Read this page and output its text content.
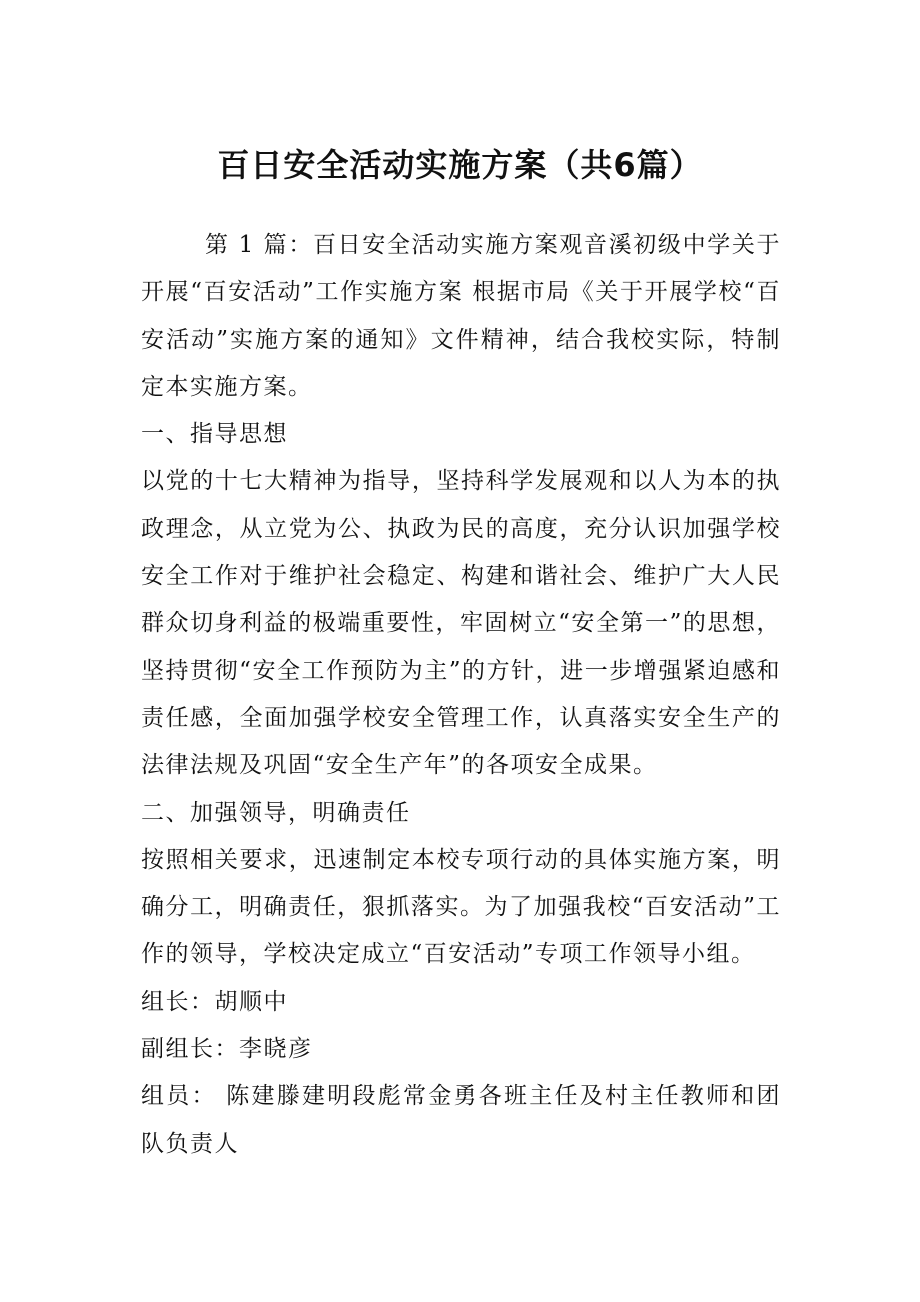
百日安全活动实施方案（共6篇）

第 1 篇：百日安全活动实施方案观音溪初级中学关于开展“百安活动”工作实施方案 根据市局《关于开展学校“百安活动”实施方案的通知》文件精神，结合我校实际，特制定本实施方案。

一、指导思想

以党的十七大精神为指导，坚持科学发展观和以人为本的执政理念，从立党为公、执政为民的高度，充分认识加强学校安全工作对于维护社会稳定、构建和谐社会、维护广大人民群众切身利益的极端重要性，牢固树立“安全第一”的思想，坚持贯彻“安全工作预防为主”的方针，进一步增强紧迫感和责任感，全面加强学校安全管理工作，认真落实安全生产的法律法规及巩固“安全生产年”的各项安全成果。

二、加强领导，明确责任

按照相关要求，迅速制定本校专项行动的具体实施方案，明确分工，明确责任，狠抓落实。为了加强我校“百安活动”工作的领导，学校决定成立“百安活动”专项工作领导小组。

组长：胡顺中

副组长：李晓彦

组员： 陈建滕建明段彪常金勇各班主任及村主任教师和团队负责人
